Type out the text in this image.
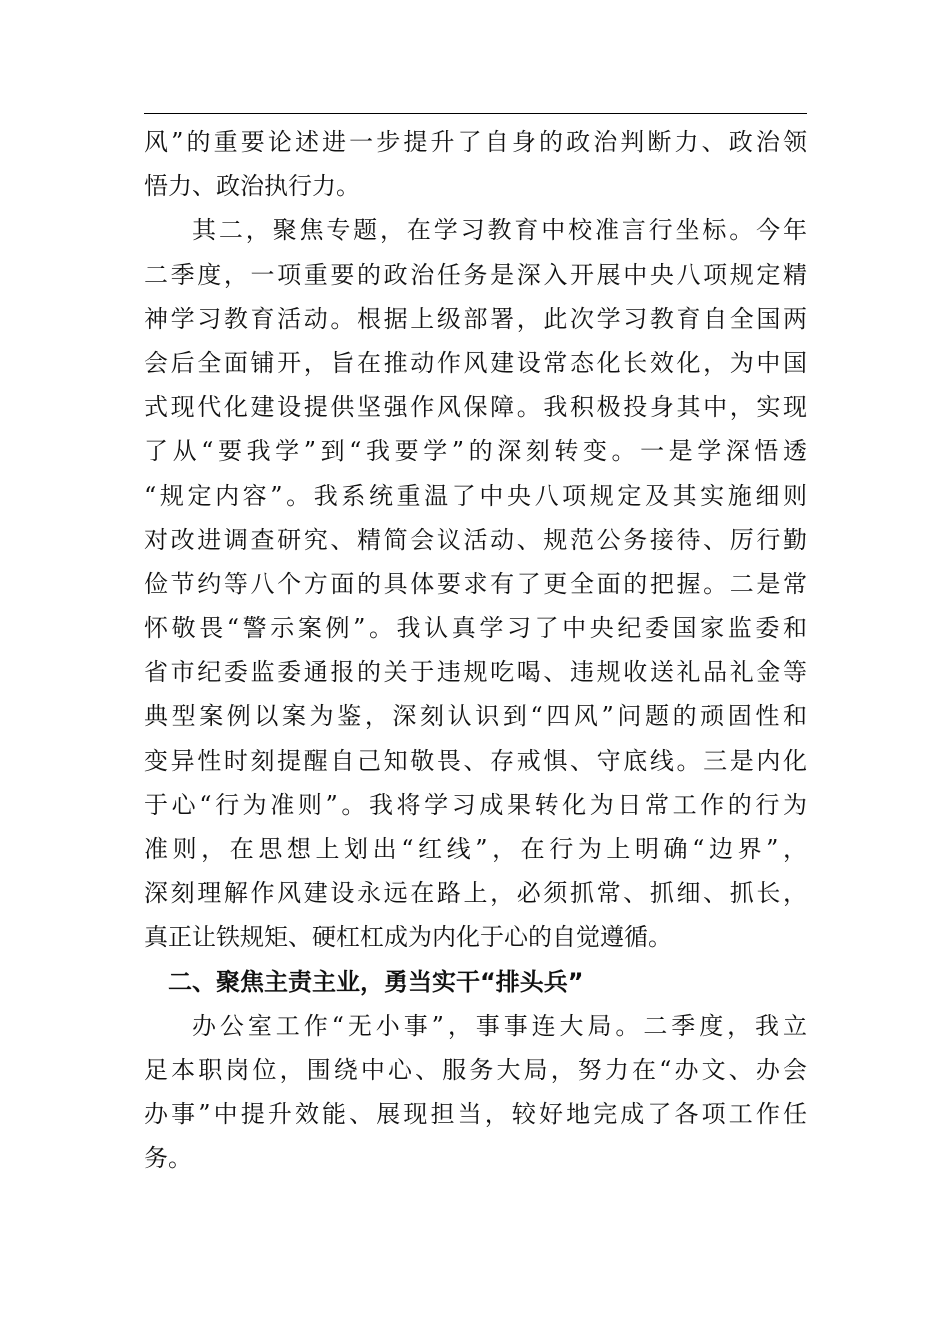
风”的重要论述进一步提升了自身的政治判断力、政治领
悟力、政治执行力。
其二，聚焦专题，在学习教育中校准言行坐标。今年
二季度，一项重要的政治任务是深入开展中央八项规定精
神学习教育活动。根据上级部署，此次学习教育自全国两
会后全面铺开，旨在推动作风建设常态化长效化，为中国
式现代化建设提供坚强作风保障。我积极投身其中，实现
了从“要我学”到“我要学”的深刻转变。一是学深悟透
“规定内容”。我系统重温了中央八项规定及其实施细则
对改进调查研究、精简会议活动、规范公务接待、厉行勤
俭节约等八个方面的具体要求有了更全面的把握。二是常
怀敬畏“警示案例”。我认真学习了中央纪委国家监委和
省市纪委监委通报的关于违规吃喝、违规收送礼品礼金等
典型案例以案为鉴，深刻认识到“四风”问题的顽固性和
变异性时刻提醒自己知敬畏、存戒惧、守底线。三是内化
于心“行为准则”。我将学习成果转化为日常工作的行为
准则，在思想上划出“红线”，在行为上明确“边界”，
深刻理解作风建设永远在路上，必须抓常、抓细、抓长，
真正让铁规矩、硬杠杠成为内化于心的自觉遵循。
二、聚焦主责主业，勇当实干“排头兵”
办公室工作“无小事”，事事连大局。二季度，我立
足本职岗位，围绕中心、服务大局，努力在“办文、办会
办事”中提升效能、展现担当，较好地完成了各项工作任
务。
